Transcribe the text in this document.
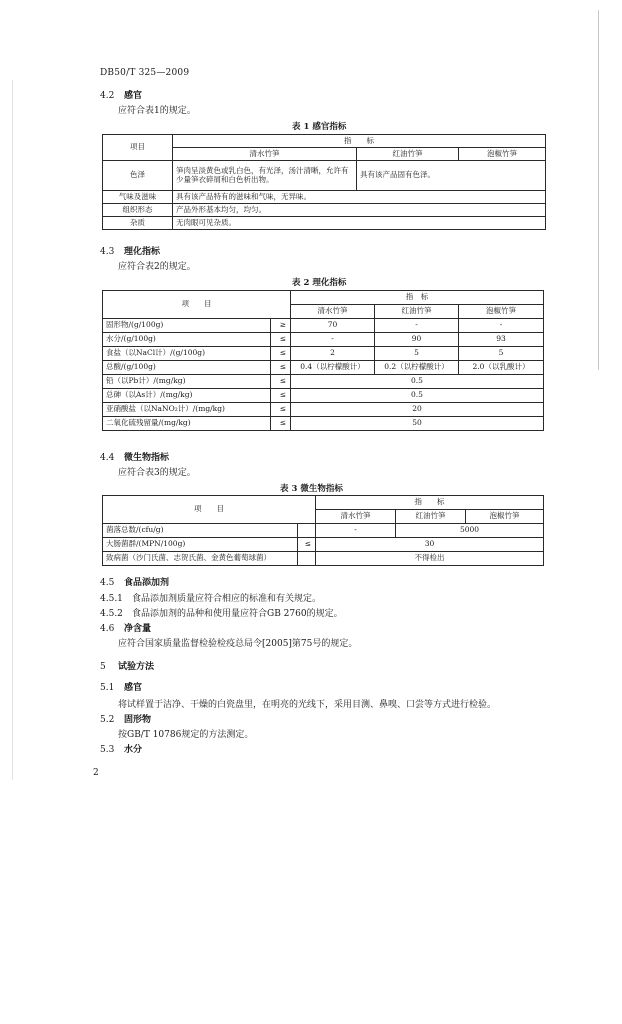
DB50/T 325—2009
4.2 感官
应符合表1的规定。
表 1 感官指标
项目	指　　标		
	清水竹笋	红油竹笋	泡椒竹笋
色泽	笋肉呈淡黄色或乳白色，有光泽，汤汁清晰，允许有少量笋衣碎屑和白色析出物。	具有该产品固有色泽。	
气味及滋味	具有该产品特有的滋味和气味，无异味。		
组织形态	产品外形基本均匀，均匀。		
杂质	无肉眼可见杂质。		
4.3 理化指标
应符合表2的规定。
表 2 理化指标
项　　目		指　标		
		清水竹笋	红油竹笋	泡椒竹笋
固形物/(g/100g)	≥	70	-	-
水分/(g/100g)	≤	-	90	93
食盐（以NaCl计）/(g/100g)	≤	2	5	5
总酸/(g/100g)	≤	0.4（以柠檬酸计）	0.2（以柠檬酸计）	2.0（以乳酸计）
铅（以Pb计）/(mg/kg)	≤	0.5		
总砷（以As计）/(mg/kg)	≤	0.5		
亚硝酸盐（以NaNO₂计）/(mg/kg)	≤	20		
二氧化硫残留量/(mg/kg)	≤	50		
4.4 微生物指标
应符合表3的规定。
表 3 微生物指标
项　　目		指　　标		
		清水竹笋	红油竹笋	泡椒竹笋
菌落总数/(cfu/g)		-	5000	
大肠菌群/(MPN/100g)	≤	30		
致病菌（沙门氏菌、志贺氏菌、金黄色葡萄球菌）		不得检出		
4.5 食品添加剂
4.5.1 食品添加剂质量应符合相应的标准和有关规定。
4.5.2 食品添加剂的品种和使用量应符合GB 2760的规定。
4.6 净含量
应符合国家质量监督检验检疫总局令[2005]第75号的规定。
5 试验方法
5.1 感官
将试样置于洁净、干燥的白瓷盘里，在明亮的光线下，采用目测、鼻嗅、口尝等方式进行检验。
5.2 固形物
按GB/T 10786规定的方法测定。
5.3 水分
2
